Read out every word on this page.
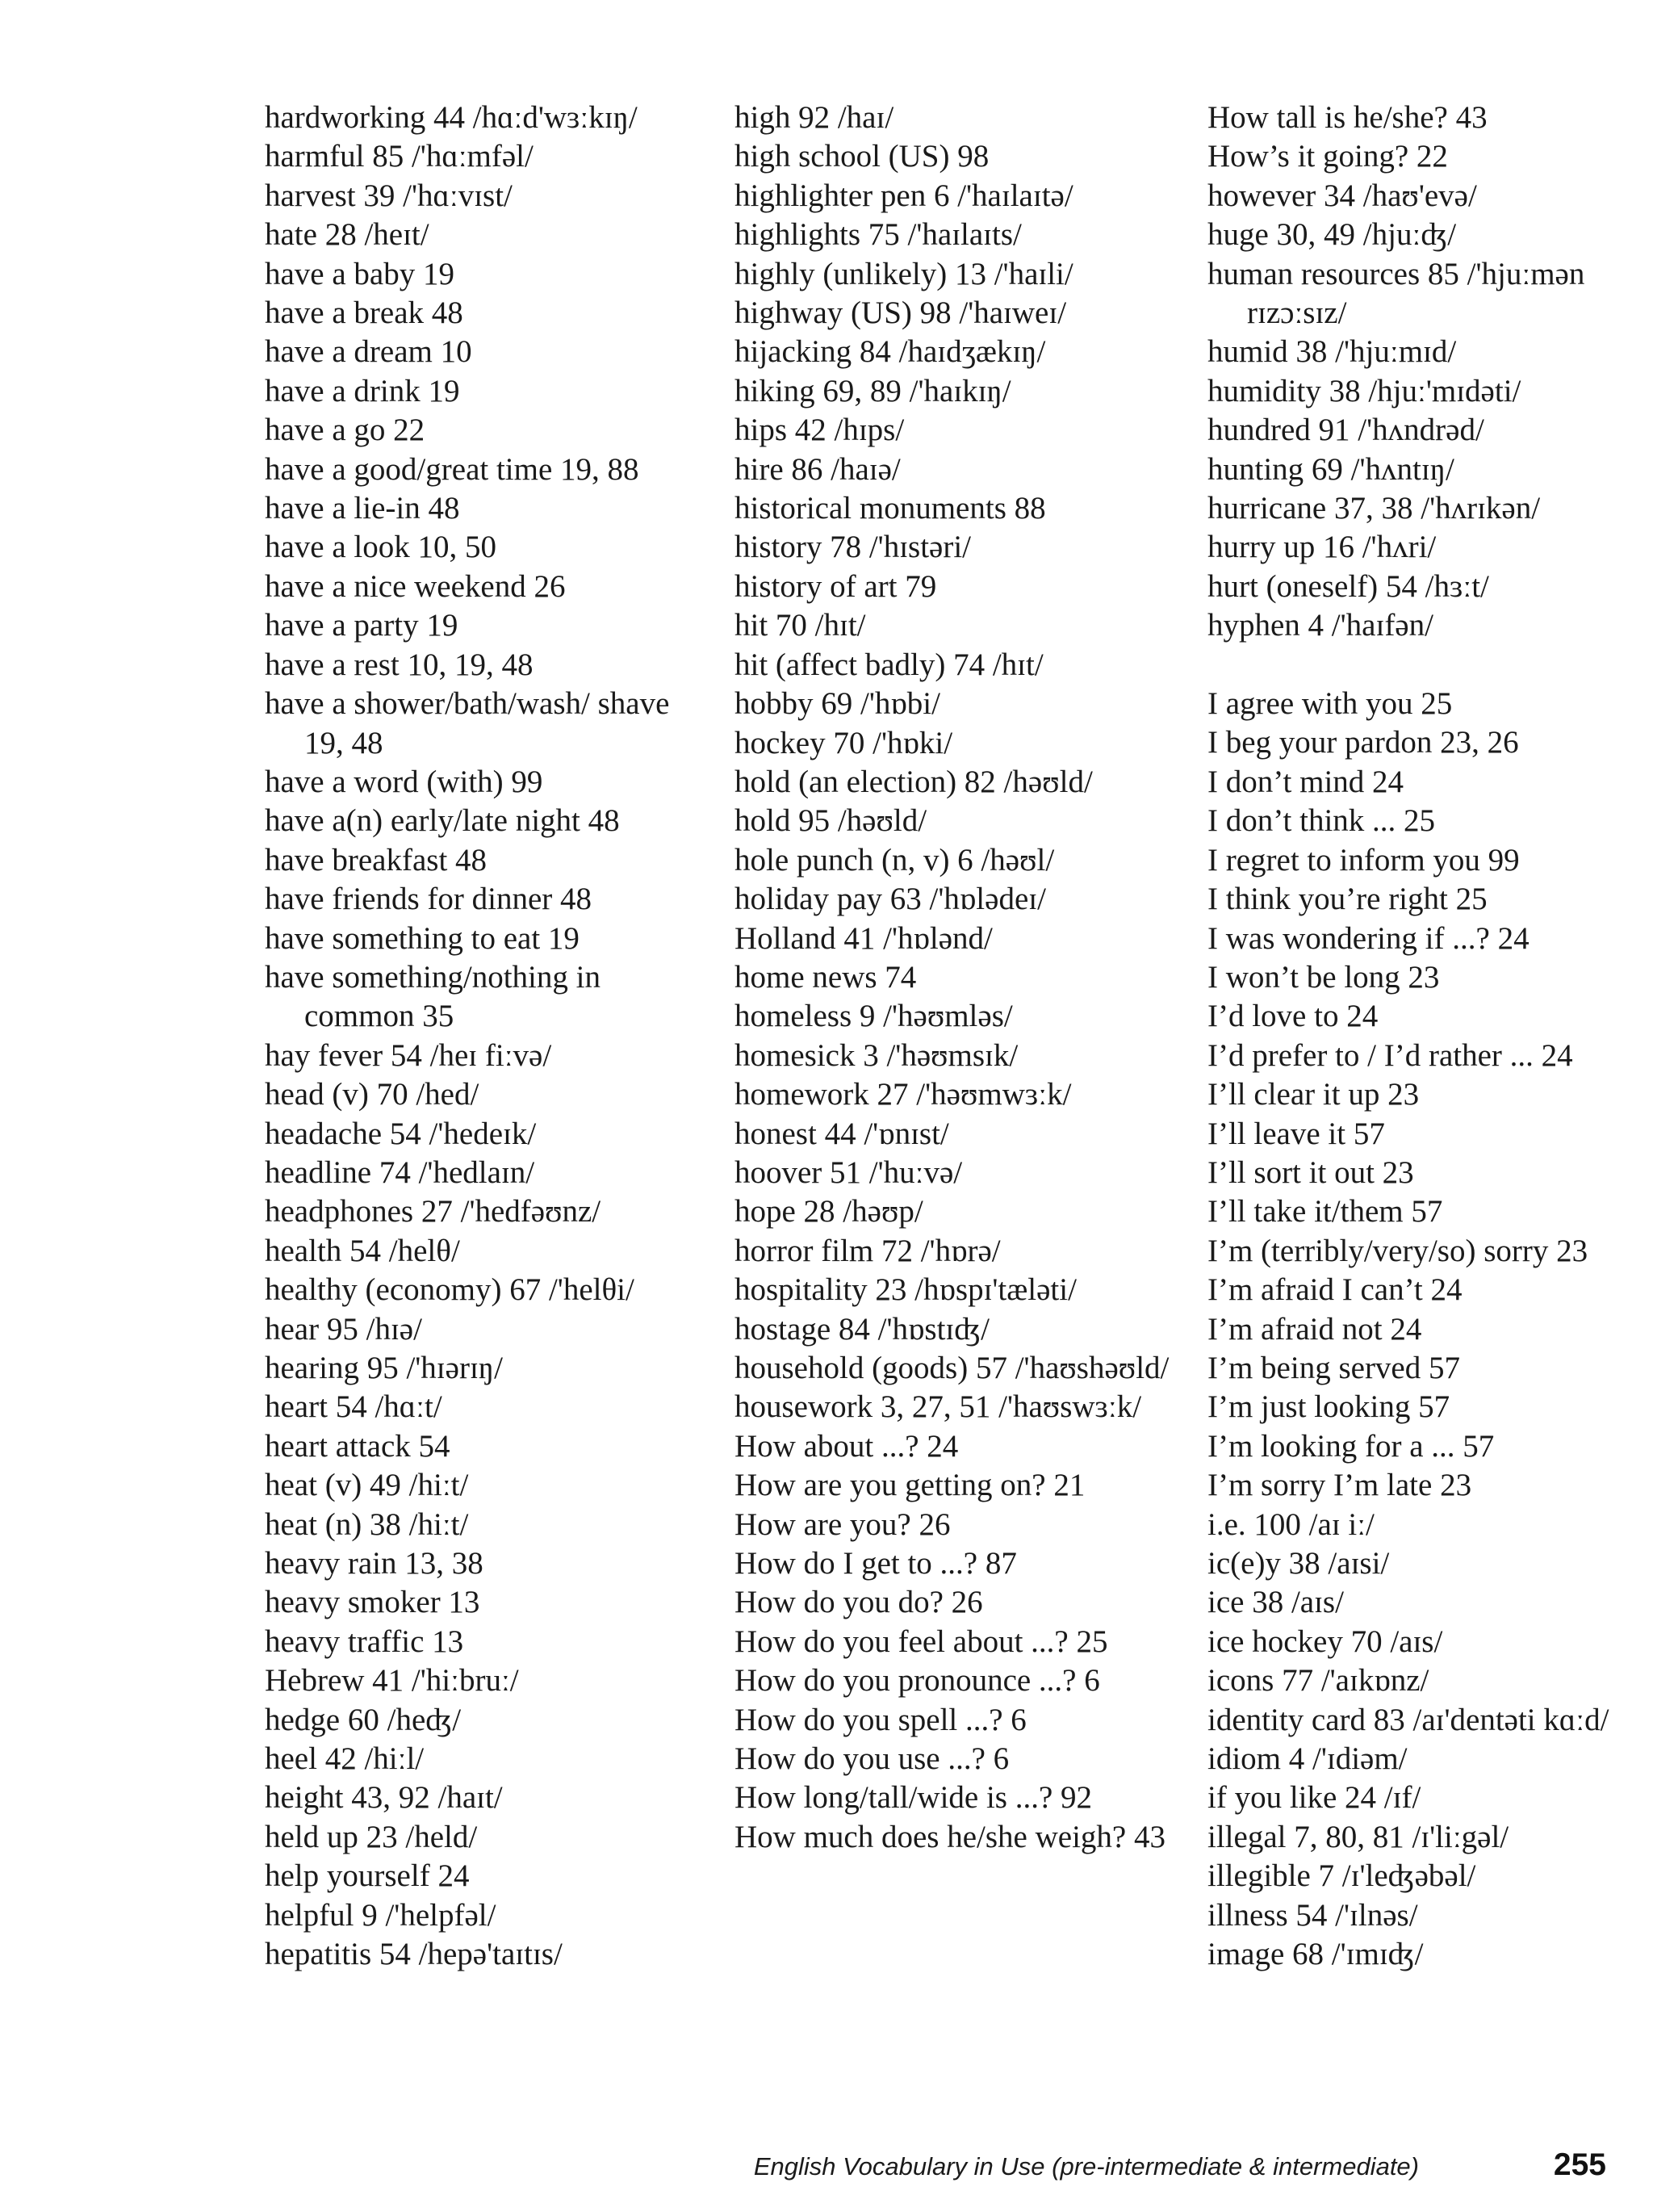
hardworking 44 /hɑːd'wɜːkɪŋ/
harmful 85 /'hɑːmfəl/
harvest 39 /'hɑːvɪst/
hate 28 /heɪt/
have a baby 19
have a break 48
have a dream 10
have a drink 19
have a go 22
have a good/great time 19, 88
have a lie-in 48
have a look 10, 50
have a nice weekend 26
have a party 19
have a rest 10, 19, 48
have a shower/bath/wash/ shave 19, 48
have a word (with) 99
have a(n) early/late night 48
have breakfast 48
have friends for dinner 48
have something to eat 19
have something/nothing in common 35
hay fever 54 /heɪ fiːvə/
head (v) 70 /hed/
headache 54 /'hedeɪk/
headline 74 /'hedlaɪn/
headphones 27 /'hedfəʊnz/
health 54 /helθ/
healthy (economy) 67 /'helθi/
hear 95 /hɪə/
hearing 95 /'hɪərɪŋ/
heart 54 /hɑːt/
heart attack 54
heat (v) 49 /hiːt/
heat (n) 38 /hiːt/
heavy rain 13, 38
heavy smoker 13
heavy traffic 13
Hebrew 41 /'hiːbruː/
hedge 60 /heʤ/
heel 42 /hiːl/
height 43, 92 /haɪt/
held up 23 /held/
help yourself 24
helpful 9 /'helpfəl/
hepatitis 54 /hepə'taɪtɪs/
high 92 /haɪ/
high school (US) 98
highlighter pen 6 /'haɪlaɪtə/
highlights 75 /'haɪlaɪts/
highly (unlikely) 13 /'haɪli/
highway (US) 98 /'haɪweɪ/
hijacking 84 /haɪdʒækɪŋ/
hiking 69, 89 /'haɪkɪŋ/
hips 42 /hɪps/
hire 86 /haɪə/
historical monuments 88
history 78 /'hɪstəri/
history of art 79
hit 70 /hɪt/
hit (affect badly) 74 /hɪt/
hobby 69 /'hɒbi/
hockey 70 /'hɒki/
hold (an election) 82 /həʊld/
hold 95 /həʊld/
hole punch (n, v) 6 /həʊl/
holiday pay 63 /'hɒlədeɪ/
Holland 41 /'hɒlənd/
home news 74
homeless 9 /'həʊmləs/
homesick 3 /'həʊmsɪk/
homework 27 /'həʊmwɜːk/
honest 44 /'ɒnɪst/
hoover 51 /'huːvə/
hope 28 /həʊp/
horror film 72 /'hɒrə/
hospitality 23 /hɒspɪ'tæləti/
hostage 84 /'hɒstɪʤ/
household (goods) 57 /'haʊshəʊld/
housework 3, 27, 51 /'haʊswɜːk/
How about ...? 24
How are you getting on? 21
How are you? 26
How do I get to ...? 87
How do you do? 26
How do you feel about ...? 25
How do you pronounce ...? 6
How do you spell ...? 6
How do you use ...? 6
How long/tall/wide is ...? 92
How much does he/she weigh? 43
How tall is he/she? 43
How’s it going? 22
however 34 /haʊ'evə/
huge 30, 49 /hjuːʤ/
human resources 85 /'hjuːmən rɪzɔːsɪz/
humid 38 /'hjuːmɪd/
humidity 38 /hjuː'mɪdəti/
hundred 91 /'hʌndrəd/
hunting 69 /'hʌntɪŋ/
hurricane 37, 38 /'hʌrɪkən/
hurry up 16 /'hʌri/
hurt (oneself) 54 /hɜːt/
hyphen 4 /'haɪfən/
I agree with you 25
I beg your pardon 23, 26
I don’t mind 24
I don’t think ... 25
I regret to inform you 99
I think you’re right 25
I was wondering if ...? 24
I won’t be long 23
I’d love to 24
I’d prefer to / I’d rather ... 24
I’ll clear it up 23
I’ll leave it 57
I’ll sort it out 23
I’ll take it/them 57
I’m (terribly/very/so) sorry 23
I’m afraid I can’t 24
I’m afraid not 24
I’m being served 57
I’m just looking 57
I’m looking for a ... 57
I’m sorry I’m late 23
i.e. 100 /aɪ iː/
ic(e)y 38 /aɪsi/
ice 38 /aɪs/
ice hockey 70 /aɪs/
icons 77 /'aɪkɒnz/
identity card 83 /aɪ'dentəti kɑːd/
idiom 4 /'ɪdiəm/
if you like 24 /ɪf/
illegal 7, 80, 81 /ɪ'liːgəl/
illegible 7 /ɪ'leʤəbəl/
illness 54 /'ɪlnəs/
image 68 /'ɪmɪʤ/
English Vocabulary in Use (pre-intermediate & intermediate)	255
